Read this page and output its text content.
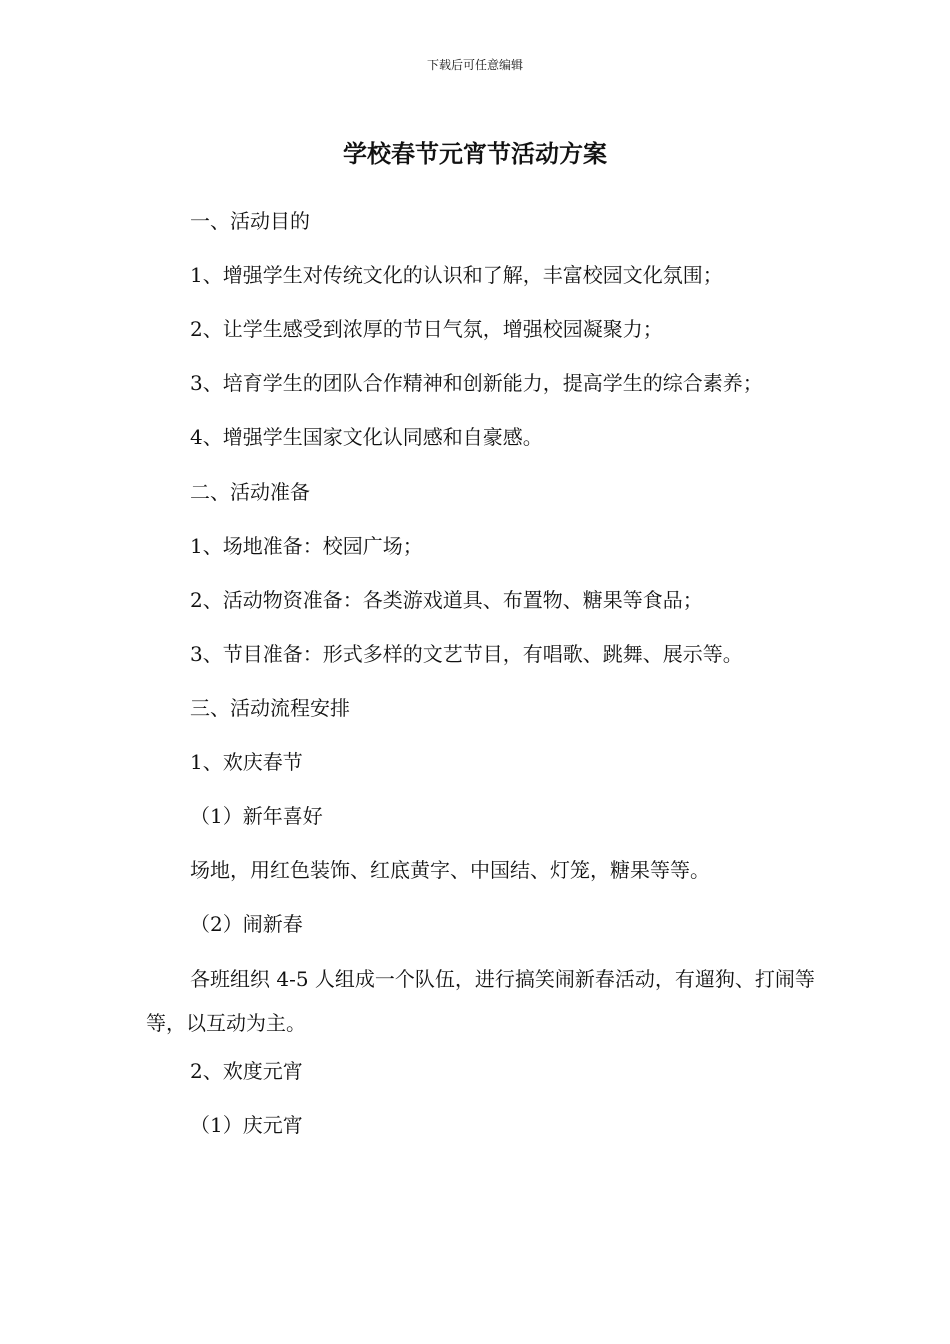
下载后可任意编辑
学校春节元宵节活动方案
一、活动目的
1、增强学生对传统文化的认识和了解，丰富校园文化氛围；
2、让学生感受到浓厚的节日气氛，增强校园凝聚力；
3、培育学生的团队合作精神和创新能力，提高学生的综合素养；
4、增强学生国家文化认同感和自豪感。
二、活动准备
1、场地准备：校园广场；
2、活动物资准备：各类游戏道具、布置物、糖果等食品；
3、节目准备：形式多样的文艺节目，有唱歌、跳舞、展示等。
三、活动流程安排
1、欢庆春节
（1）新年喜好
场地，用红色装饰、红底黄字、中国结、灯笼，糖果等等。
（2）闹新春
各班组织 4-5 人组成一个队伍，进行搞笑闹新春活动，有遛狗、打闹等等，以互动为主。
2、欢度元宵
（1）庆元宵
